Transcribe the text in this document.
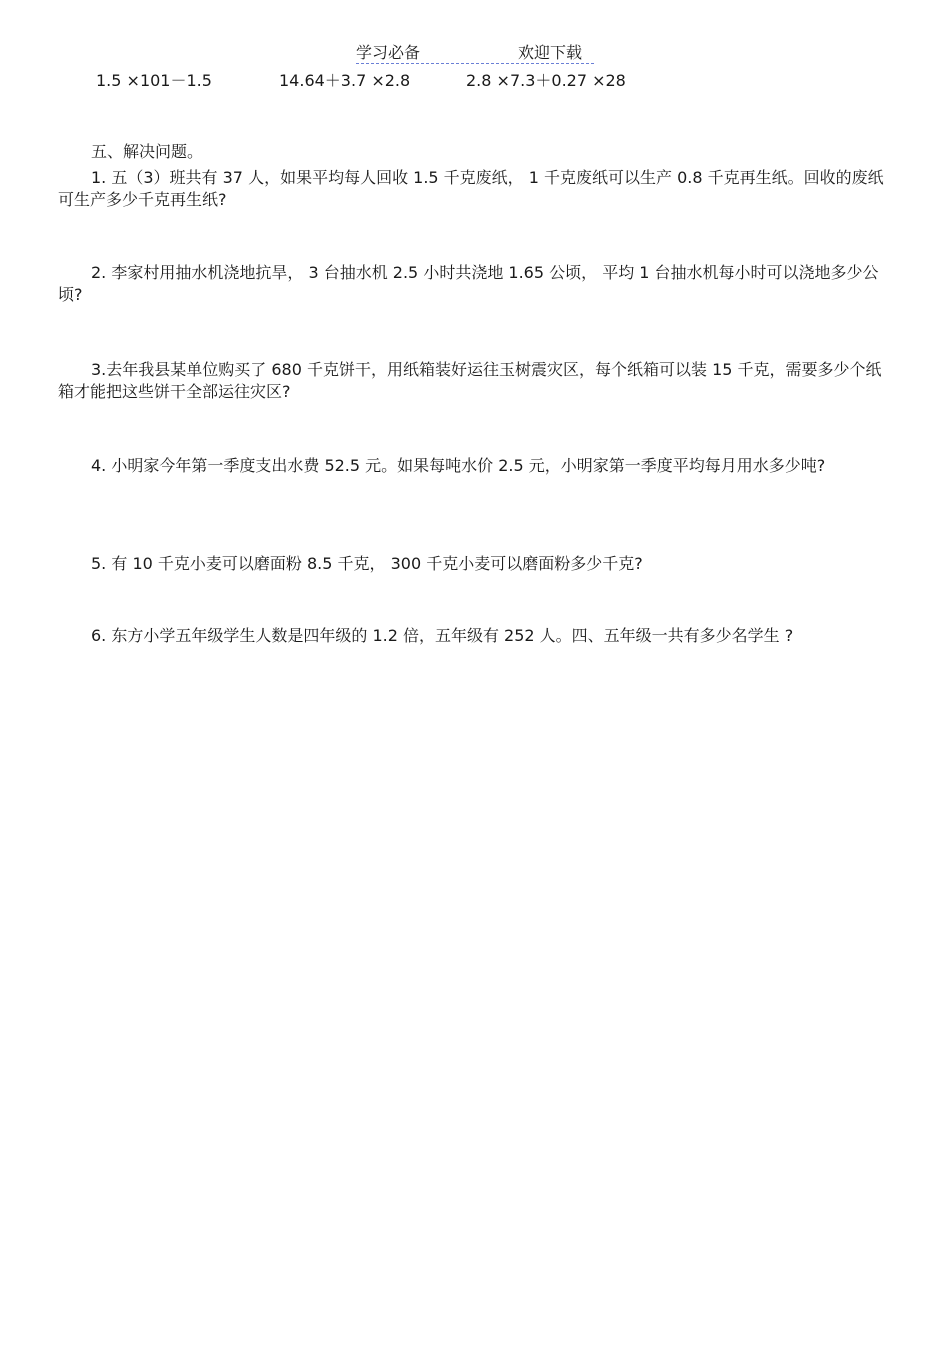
学习必备	欢迎下载
1.5 ×101－1.5	14.64＋3.7 ×2.8	2.8 ×7.3＋0.27 ×28
五、解决问题。

1. 五（3）班共有 37 人，如果平均每人回收 1.5 千克废纸， 1 千克废纸可以生产 0.8 千克再生纸。回收的废纸可生产多少千克再生纸?

2. 李家村用抽水机浇地抗旱， 3 台抽水机 2.5 小时共浇地 1.65 公顷， 平均 1 台抽水机每小时可以浇地多少公顷?

3.去年我县某单位购买了 680 千克饼干，用纸箱装好运往玉树震灾区，每个纸箱可以装 15 千克，需要多少个纸箱才能把这些饼干全部运往灾区?

4. 小明家今年第一季度支出水费 52.5 元。如果每吨水价 2.5 元，小明家第一季度平均每月用水多少吨?

5. 有 10 千克小麦可以磨面粉 8.5 千克， 300 千克小麦可以磨面粉多少千克?

6. 东方小学五年级学生人数是四年级的 1.2 倍，五年级有 252 人。四、五年级一共有多少名学生 ?
